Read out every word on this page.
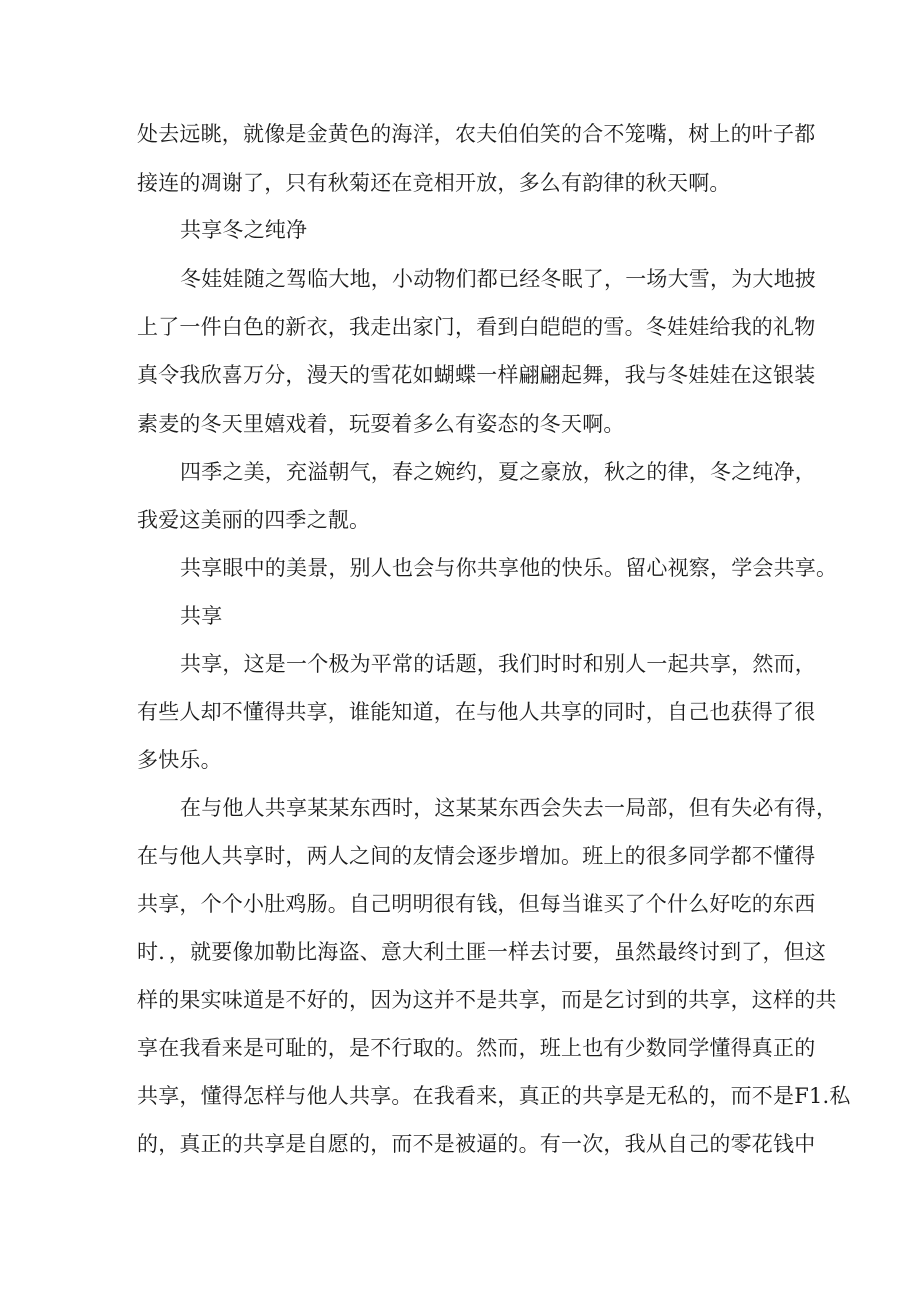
处去远眺，就像是金黄色的海洋，农夫伯伯笑的合不笼嘴，树上的叶子都
接连的凋谢了，只有秋菊还在竞相开放，多么有韵律的秋天啊。
共享冬之纯净
冬娃娃随之驾临大地，小动物们都已经冬眠了，一场大雪，为大地披
上了一件白色的新衣，我走出家门，看到白皑皑的雪。冬娃娃给我的礼物
真令我欣喜万分，漫天的雪花如蝴蝶一样翩翩起舞，我与冬娃娃在这银装
素麦的冬天里嬉戏着，玩耍着多么有姿态的冬天啊。
四季之美，充溢朝气，春之婉约，夏之豪放，秋之的律，冬之纯净，
我爱这美丽的四季之靓。
共享眼中的美景，别人也会与你共享他的快乐。留心视察，学会共享。
共享
共享，这是一个极为平常的话题，我们时时和别人一起共享，然而，
有些人却不懂得共享，谁能知道，在与他人共享的同时，自己也获得了很
多快乐。
在与他人共享某某东西时，这某某东西会失去一局部，但有失必有得，
在与他人共享时，两人之间的友情会逐步增加。班上的很多同学都不懂得
共享，个个小肚鸡肠。自己明明很有钱，但每当谁买了个什么好吃的东西
时．，就要像加勒比海盗、意大利土匪一样去讨要，虽然最终讨到了，但这
样的果实味道是不好的，因为这并不是共享，而是乞讨到的共享，这样的共
享在我看来是可耻的，是不行取的。然而，班上也有少数同学懂得真正的
共享，懂得怎样与他人共享。在我看来，真正的共享是无私的，而不是F1.私
的，真正的共享是自愿的，而不是被逼的。有一次，我从自己的零花钱中
